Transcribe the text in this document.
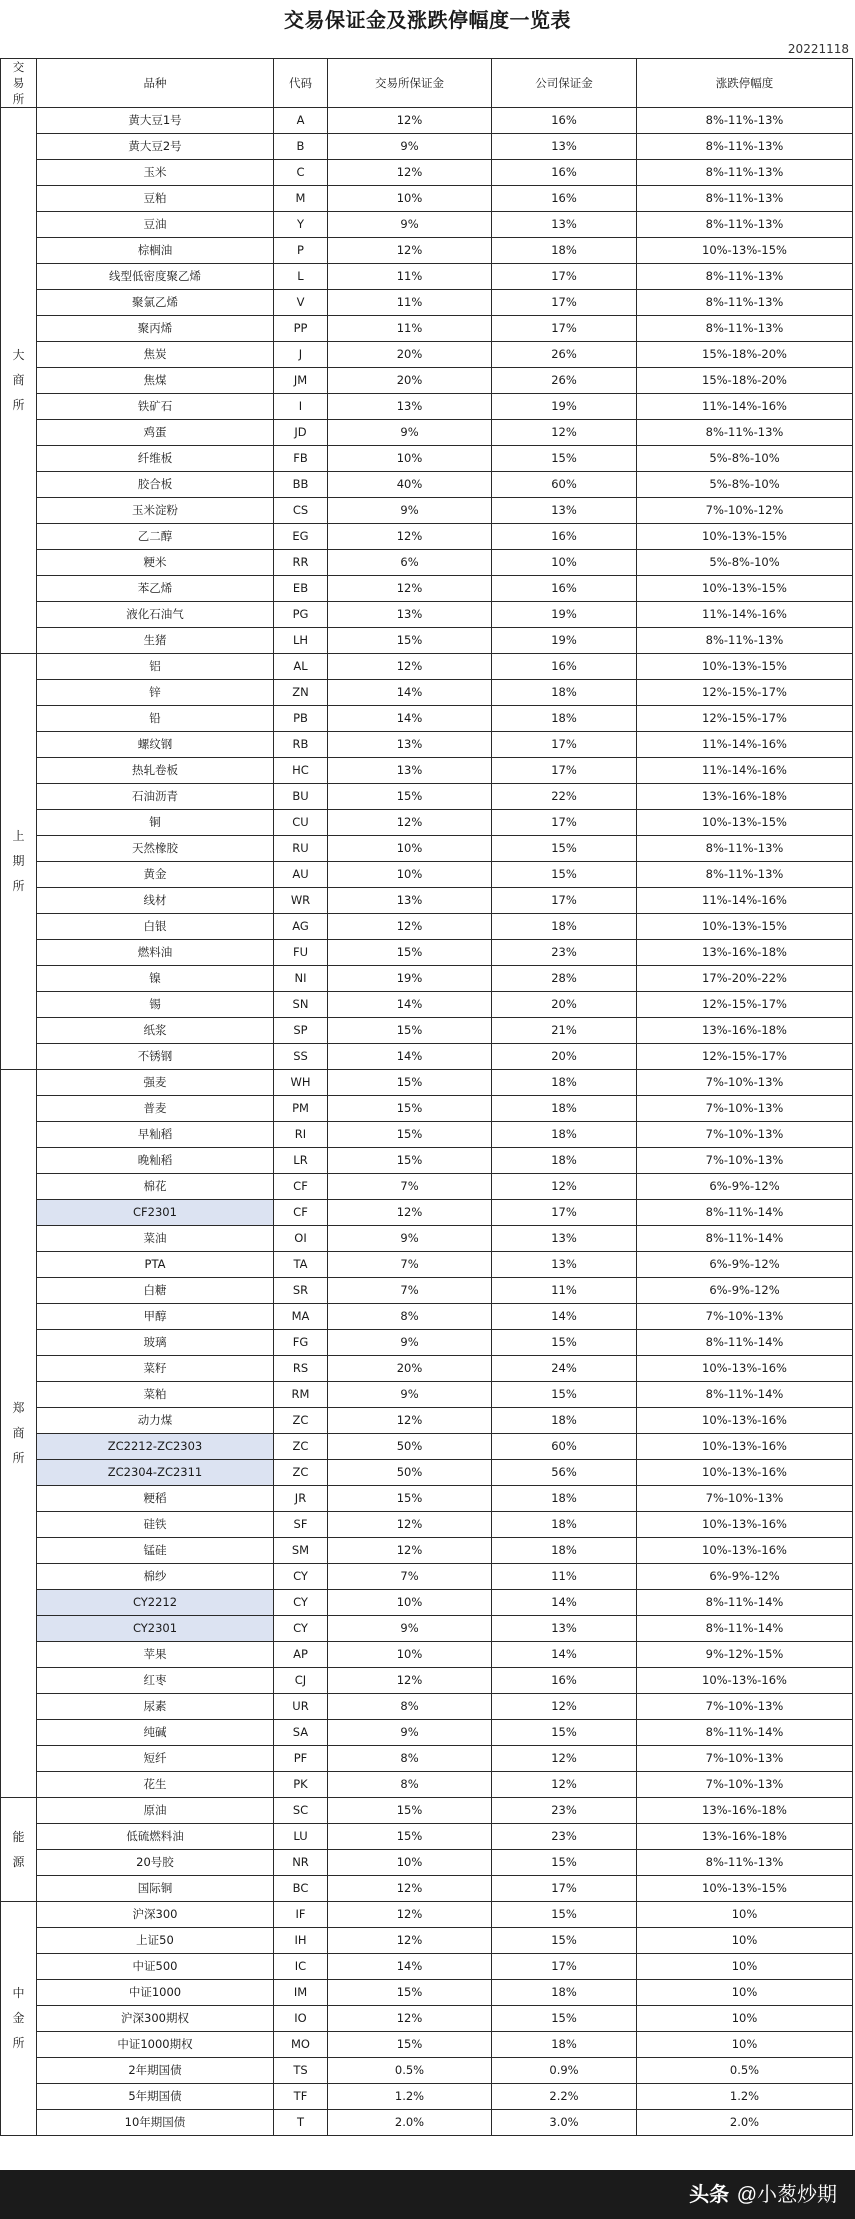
交易保证金及涨跌停幅度一览表
20221118
交易所	品种	代码	交易所保证金	公司保证金	涨跌停幅度
大商所	黄大豆1号	A	12%	16%	8%-11%-13%
	黄大豆2号	B	9%	13%	8%-11%-13%
	玉米	C	12%	16%	8%-11%-13%
	豆粕	M	10%	16%	8%-11%-13%
	豆油	Y	9%	13%	8%-11%-13%
	棕榈油	P	12%	18%	10%-13%-15%
	线型低密度聚乙烯	L	11%	17%	8%-11%-13%
	聚氯乙烯	V	11%	17%	8%-11%-13%
	聚丙烯	PP	11%	17%	8%-11%-13%
	焦炭	J	20%	26%	15%-18%-20%
	焦煤	JM	20%	26%	15%-18%-20%
	铁矿石	I	13%	19%	11%-14%-16%
	鸡蛋	JD	9%	12%	8%-11%-13%
	纤维板	FB	10%	15%	5%-8%-10%
	胶合板	BB	40%	60%	5%-8%-10%
	玉米淀粉	CS	9%	13%	7%-10%-12%
	乙二醇	EG	12%	16%	10%-13%-15%
	粳米	RR	6%	10%	5%-8%-10%
	苯乙烯	EB	12%	16%	10%-13%-15%
	液化石油气	PG	13%	19%	11%-14%-16%
	生猪	LH	15%	19%	8%-11%-13%
上期所	铝	AL	12%	16%	10%-13%-15%
	锌	ZN	14%	18%	12%-15%-17%
	铅	PB	14%	18%	12%-15%-17%
	螺纹钢	RB	13%	17%	11%-14%-16%
	热轧卷板	HC	13%	17%	11%-14%-16%
	石油沥青	BU	15%	22%	13%-16%-18%
	铜	CU	12%	17%	10%-13%-15%
	天然橡胶	RU	10%	15%	8%-11%-13%
	黄金	AU	10%	15%	8%-11%-13%
	线材	WR	13%	17%	11%-14%-16%
	白银	AG	12%	18%	10%-13%-15%
	燃料油	FU	15%	23%	13%-16%-18%
	镍	NI	19%	28%	17%-20%-22%
	锡	SN	14%	20%	12%-15%-17%
	纸浆	SP	15%	21%	13%-16%-18%
	不锈钢	SS	14%	20%	12%-15%-17%
郑商所	强麦	WH	15%	18%	7%-10%-13%
	普麦	PM	15%	18%	7%-10%-13%
	早籼稻	RI	15%	18%	7%-10%-13%
	晚籼稻	LR	15%	18%	7%-10%-13%
	棉花	CF	7%	12%	6%-9%-12%
	CF2301	CF	12%	17%	8%-11%-14%
	菜油	OI	9%	13%	8%-11%-14%
	PTA	TA	7%	13%	6%-9%-12%
	白糖	SR	7%	11%	6%-9%-12%
	甲醇	MA	8%	14%	7%-10%-13%
	玻璃	FG	9%	15%	8%-11%-14%
	菜籽	RS	20%	24%	10%-13%-16%
	菜粕	RM	9%	15%	8%-11%-14%
	动力煤	ZC	12%	18%	10%-13%-16%
	ZC2212-ZC2303	ZC	50%	60%	10%-13%-16%
	ZC2304-ZC2311	ZC	50%	56%	10%-13%-16%
	粳稻	JR	15%	18%	7%-10%-13%
	硅铁	SF	12%	18%	10%-13%-16%
	锰硅	SM	12%	18%	10%-13%-16%
	棉纱	CY	7%	11%	6%-9%-12%
	CY2212	CY	10%	14%	8%-11%-14%
	CY2301	CY	9%	13%	8%-11%-14%
	苹果	AP	10%	14%	9%-12%-15%
	红枣	CJ	12%	16%	10%-13%-16%
	尿素	UR	8%	12%	7%-10%-13%
	纯碱	SA	9%	15%	8%-11%-14%
	短纤	PF	8%	12%	7%-10%-13%
	花生	PK	8%	12%	7%-10%-13%
能源	原油	SC	15%	23%	13%-16%-18%
	低硫燃料油	LU	15%	23%	13%-16%-18%
	20号胶	NR	10%	15%	8%-11%-13%
	国际铜	BC	12%	17%	10%-13%-15%
中金所	沪深300	IF	12%	15%	10%
	上证50	IH	12%	15%	10%
	中证500	IC	14%	17%	10%
	中证1000	IM	15%	18%	10%
	沪深300期权	IO	12%	15%	10%
	中证1000期权	MO	15%	18%	10%
	2年期国债	TS	0.5%	0.9%	0.5%
	5年期国债	TF	1.2%	2.2%	1.2%
	10年期国债	T	2.0%	3.0%	2.0%
头条 @小葱炒期
